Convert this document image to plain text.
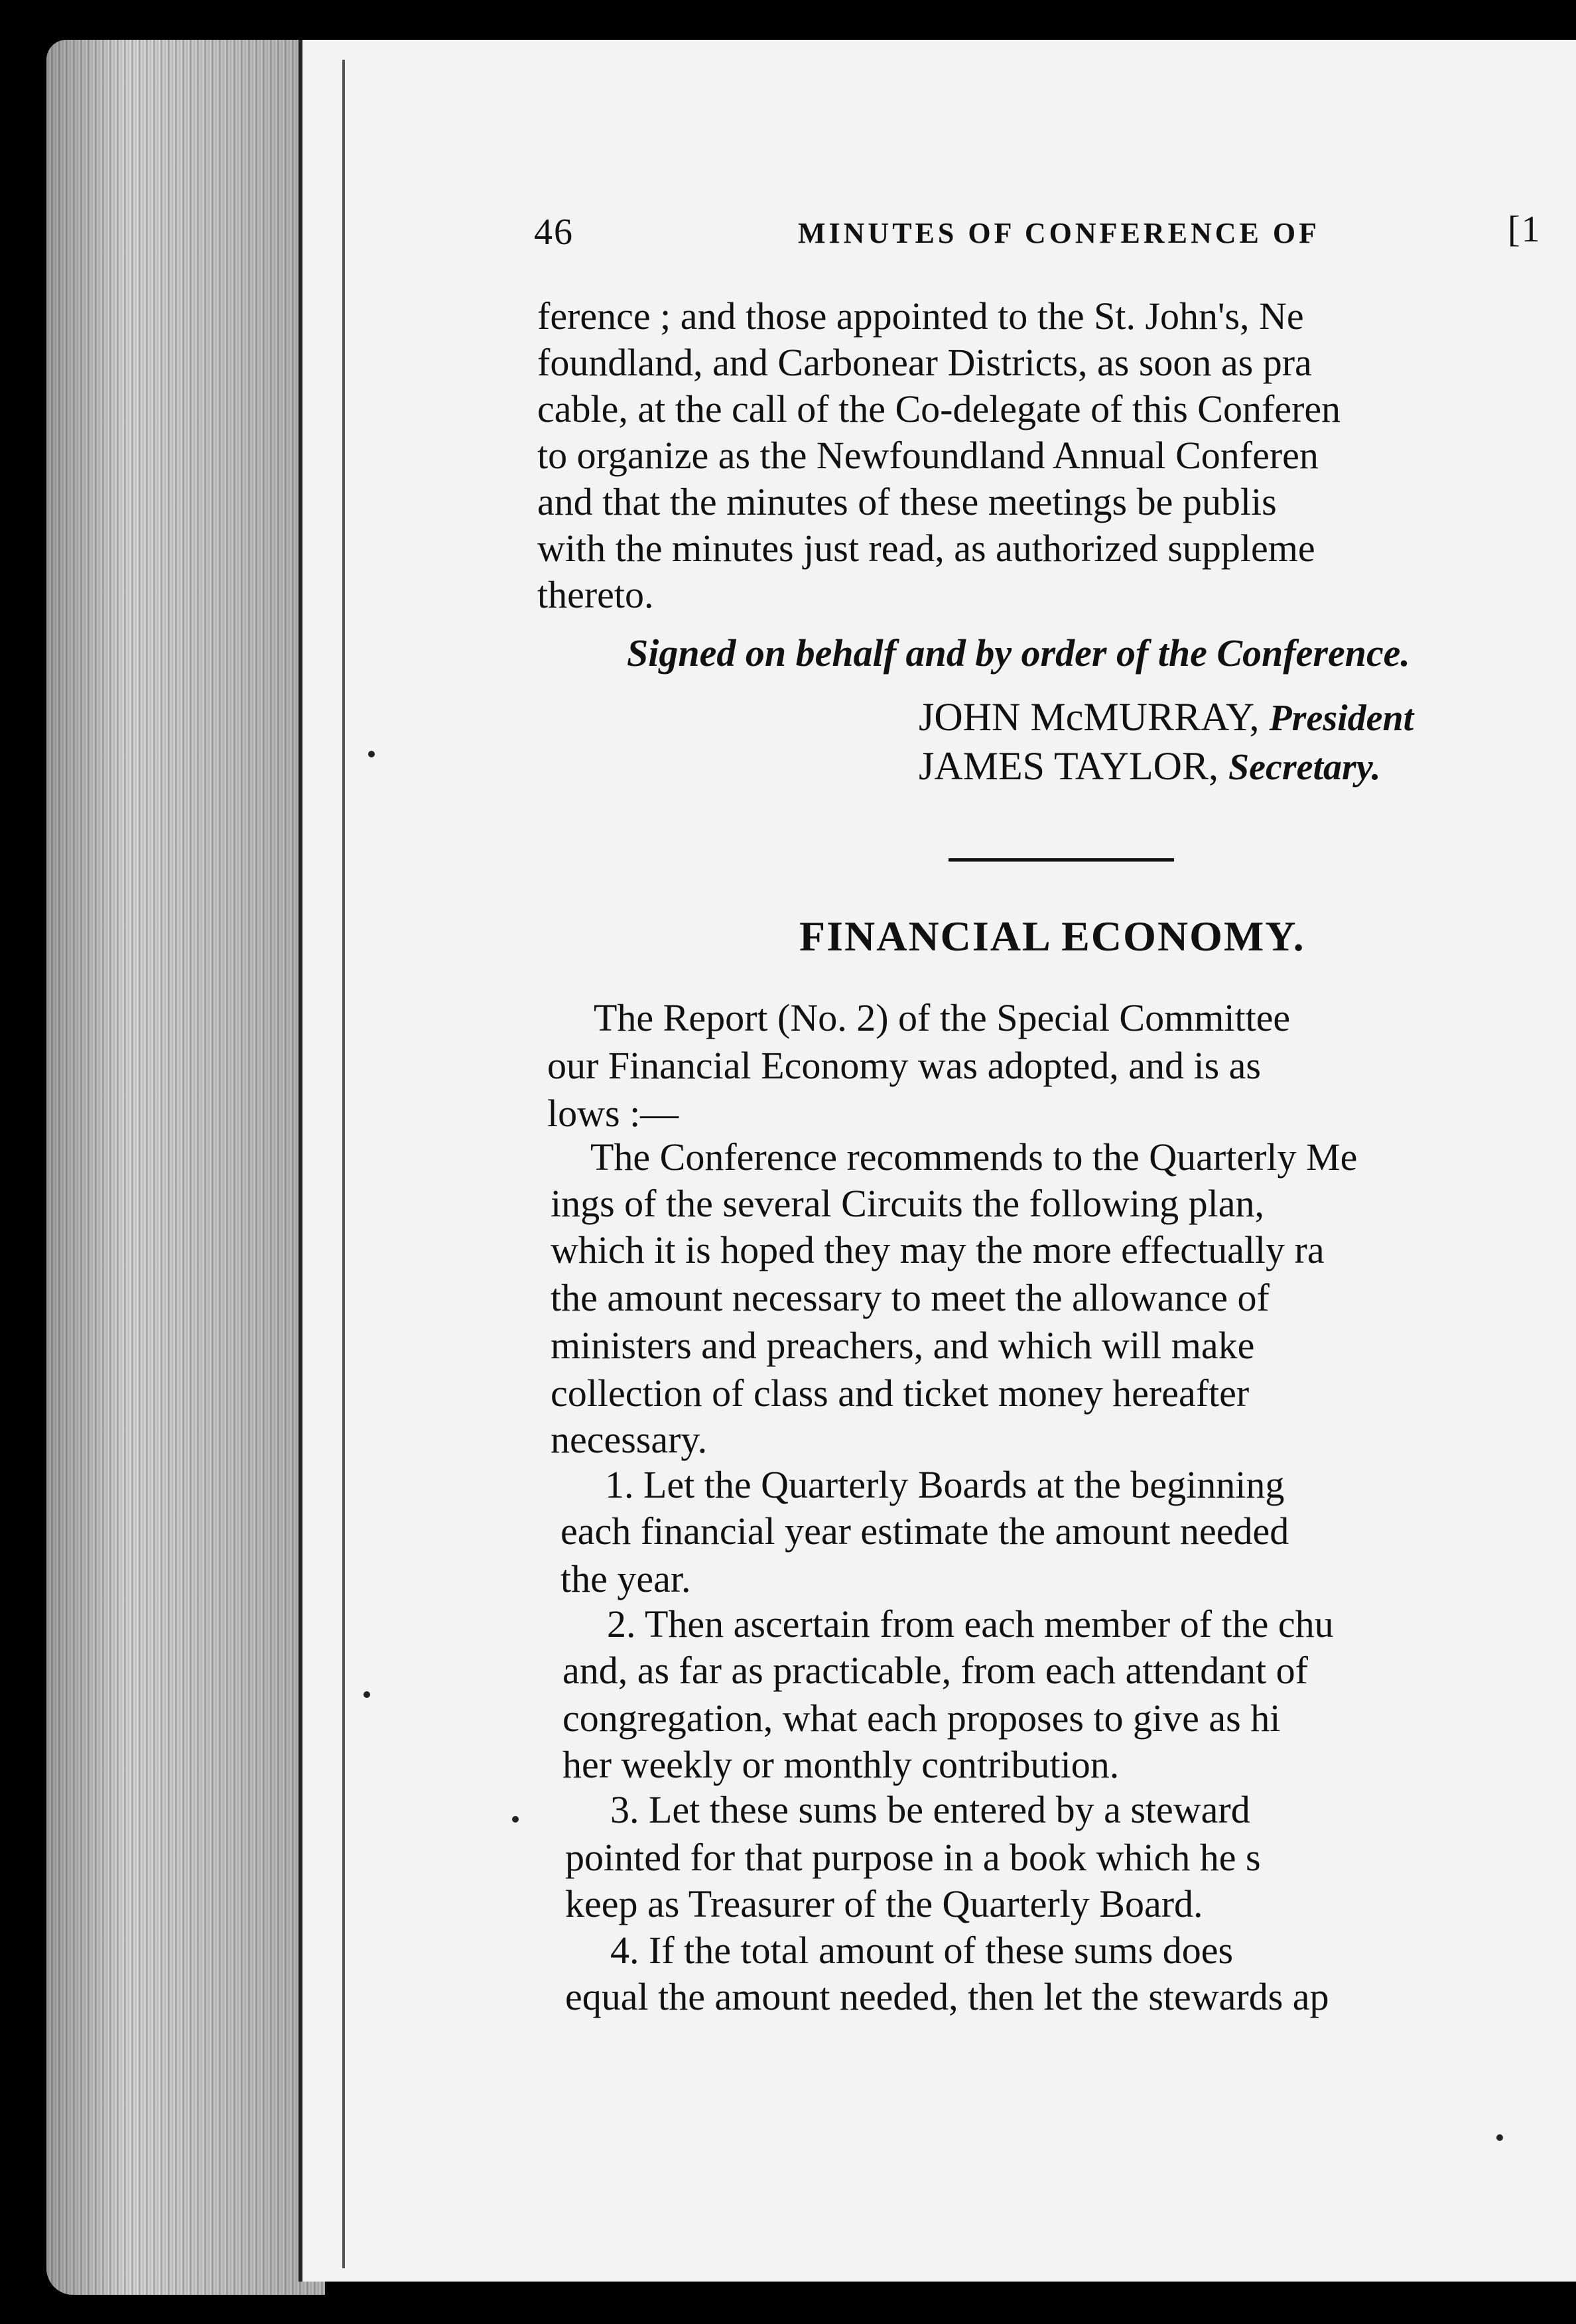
46	MINUTES OF CONFERENCE OF	[1
ference ; and those appointed to the St. John's, Ne
foundland, and Carbonear Districts, as soon as pra
cable, at the call of the Co-delegate of this Conferen
to organize as the Newfoundland Annual Conferen
and that the minutes of these meetings be publis
with the minutes just read, as authorized suppleme
thereto.
Signed on behalf and by order of the Conference.
JOHN McMURRAY, President
JAMES TAYLOR, Secretary.
FINANCIAL ECONOMY.
The Report (No. 2) of the Special Committee
our Financial Economy was adopted, and is as
lows :—
The Conference recommends to the Quarterly Me
ings of the several Circuits the following plan,
which it is hoped they may the more effectually ra
the amount necessary to meet the allowance of
ministers and preachers, and which will make
collection of class and ticket money hereafter
necessary.
1. Let the Quarterly Boards at the beginning
each financial year estimate the amount needed
the year.
2. Then ascertain from each member of the chu
and, as far as practicable, from each attendant of
congregation, what each proposes to give as hi
her weekly or monthly contribution.
3. Let these sums be entered by a steward
pointed for that purpose in a book which he s
keep as Treasurer of the Quarterly Board.
4. If the total amount of these sums does
equal the amount needed, then let the stewards ap
